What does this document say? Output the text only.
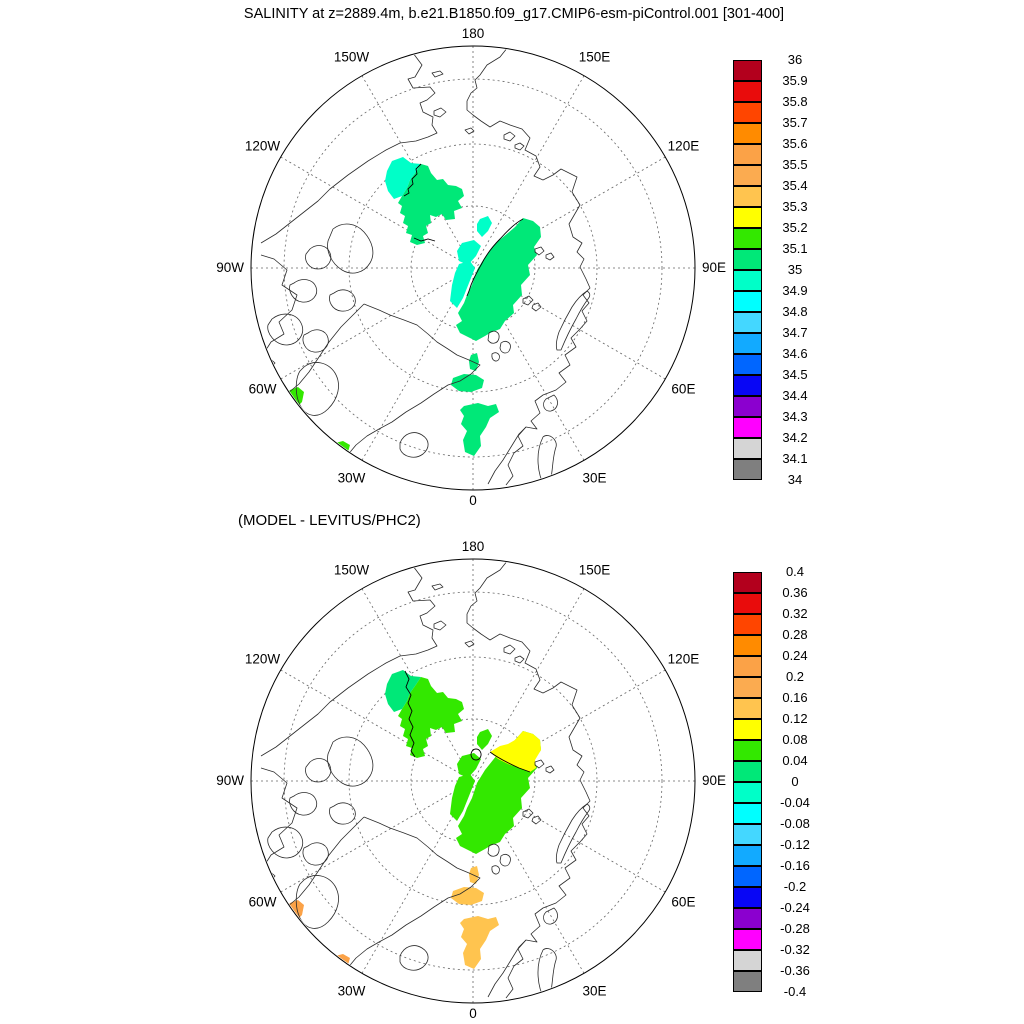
SALINITY at z=2889.4m, b.e21.B1850.f09_g17.CMIP6-esm-piControl.001 [301-400]
180
150E
120E
90E
60E
30E
0
30W
60W
90W
120W
150W
(MODEL - LEVITUS/PHC2)
180
150E
120E
90E
60E
30E
0
30W
60W
90W
120W
150W
36
35.9
35.8
35.7
35.6
35.5
35.4
35.3
35.2
35.1
35
34.9
34.8
34.7
34.6
34.5
34.4
34.3
34.2
34.1
34
0.4
0.36
0.32
0.28
0.24
0.2
0.16
0.12
0.08
0.04
0
-0.04
-0.08
-0.12
-0.16
-0.2
-0.24
-0.28
-0.32
-0.36
-0.4
